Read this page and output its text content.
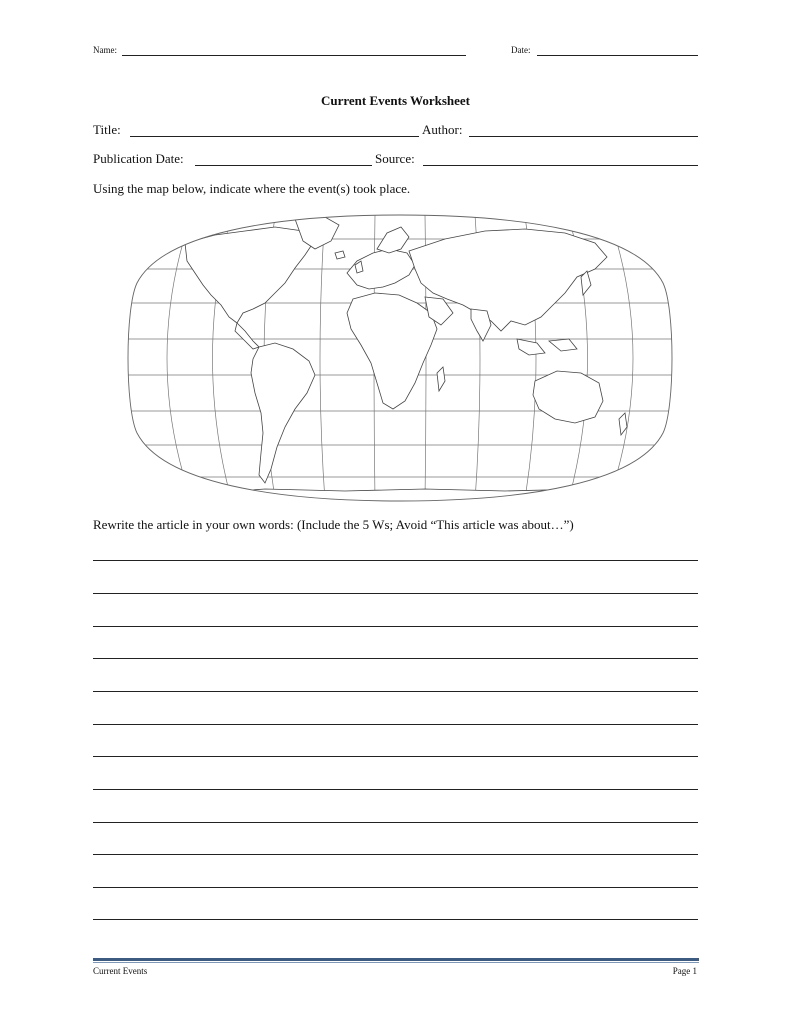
Name:	Date:
Current Events Worksheet
Title:	Author:
Publication Date:	Source:
Using the map below, indicate where the event(s) took place.
Rewrite the article in your own words: (Include the 5 Ws; Avoid “This article was about…”)
Current Events	Page 1
